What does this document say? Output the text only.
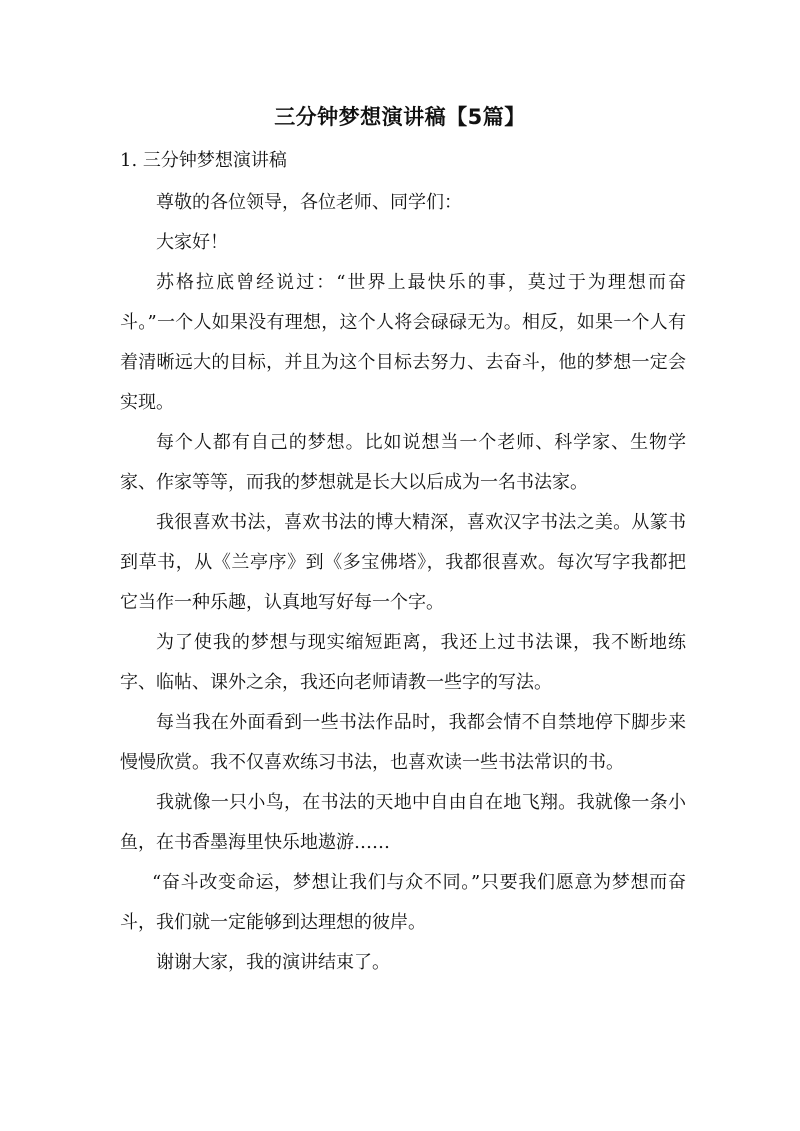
三分钟梦想演讲稿【5篇】
1. 三分钟梦想演讲稿

尊敬的各位领导，各位老师、同学们：

大家好！

苏格拉底曾经说过：“世界上最快乐的事，莫过于为理想而奋斗。”一个人如果没有理想，这个人将会碌碌无为。相反，如果一个人有着清晰远大的目标，并且为这个目标去努力、去奋斗，他的梦想一定会实现。

每个人都有自己的梦想。比如说想当一个老师、科学家、生物学家、作家等等，而我的梦想就是长大以后成为一名书法家。

我很喜欢书法，喜欢书法的博大精深，喜欢汉字书法之美。从篆书到草书，从《兰亭序》到《多宝佛塔》，我都很喜欢。每次写字我都把它当作一种乐趣，认真地写好每一个字。

为了使我的梦想与现实缩短距离，我还上过书法课，我不断地练字、临帖、课外之余，我还向老师请教一些字的写法。

每当我在外面看到一些书法作品时，我都会情不自禁地停下脚步来慢慢欣赏。我不仅喜欢练习书法，也喜欢读一些书法常识的书。

我就像一只小鸟，在书法的天地中自由自在地飞翔。我就像一条小鱼，在书香墨海里快乐地遨游……

“奋斗改变命运，梦想让我们与众不同。”只要我们愿意为梦想而奋斗，我们就一定能够到达理想的彼岸。

谢谢大家，我的演讲结束了。
